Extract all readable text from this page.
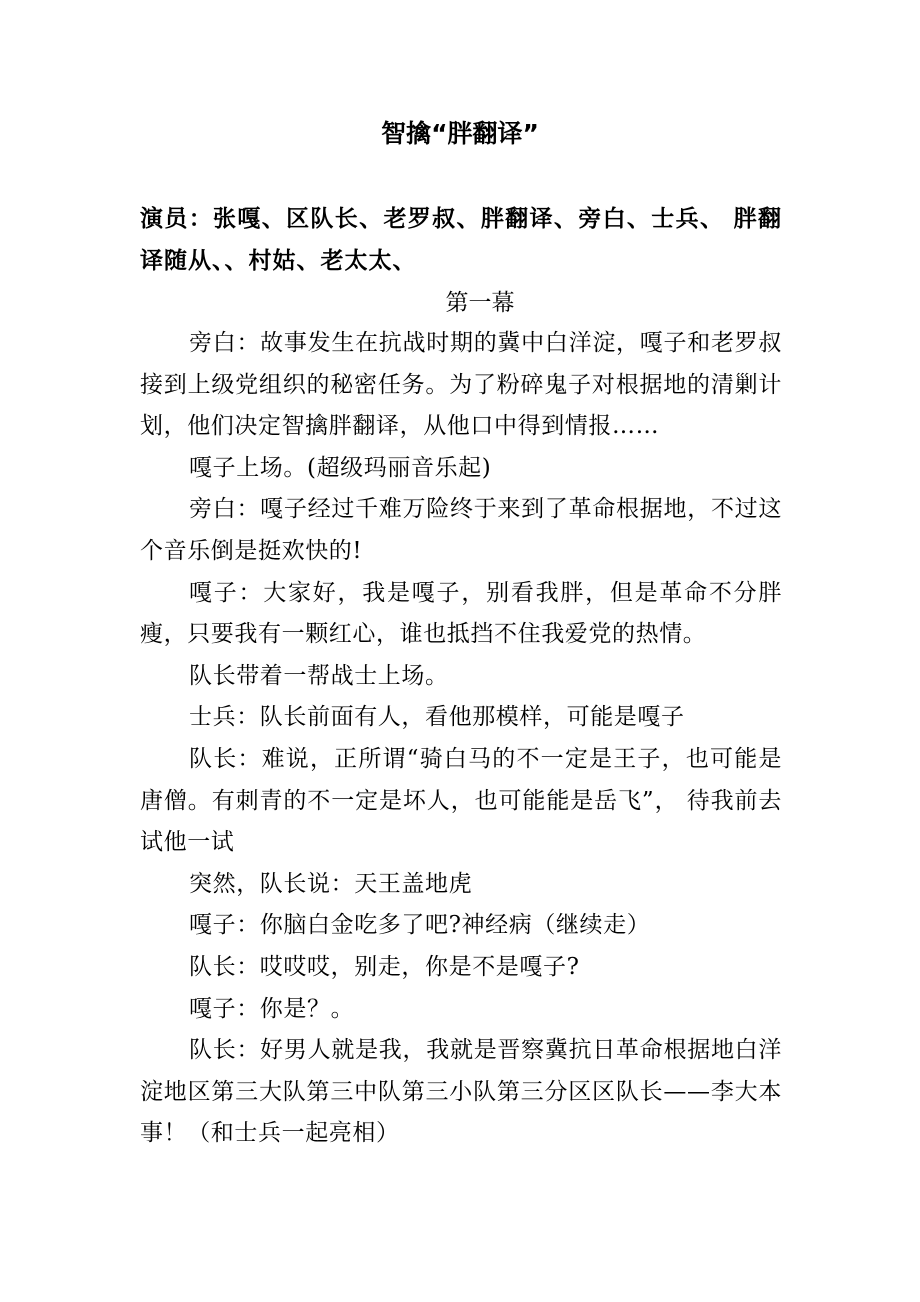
智擒“胖翻译”
演员：张嘎、区队长、老罗叔、胖翻译、旁白、士兵、 胖翻译随从、、村姑、老太太、
第一幕

旁白：故事发生在抗战时期的冀中白洋淀，嘎子和老罗叔接到上级党组织的秘密任务。为了粉碎鬼子对根据地的清剿计划，他们决定智擒胖翻译，从他口中得到情报……

嘎子上场。(超级玛丽音乐起)

旁白：嘎子经过千难万险终于来到了革命根据地，不过这个音乐倒是挺欢快的!

嘎子：大家好，我是嘎子，别看我胖，但是革命不分胖瘦，只要我有一颗红心，谁也抵挡不住我爱党的热情。

队长带着一帮战士上场。

士兵：队长前面有人，看他那模样，可能是嘎子

队长：难说，正所谓“骑白马的不一定是王子，也可能是唐僧。有刺青的不一定是坏人，也可能能是岳飞”， 待我前去试他一试

突然，队长说：天王盖地虎

嘎子：你脑白金吃多了吧?神经病（继续走）

队长：哎哎哎，别走，你是不是嘎子?

嘎子：你是？。

队长：好男人就是我，我就是晋察冀抗日革命根据地白洋淀地区第三大队第三中队第三小队第三分区区队长——李大本事！（和士兵一起亮相）
